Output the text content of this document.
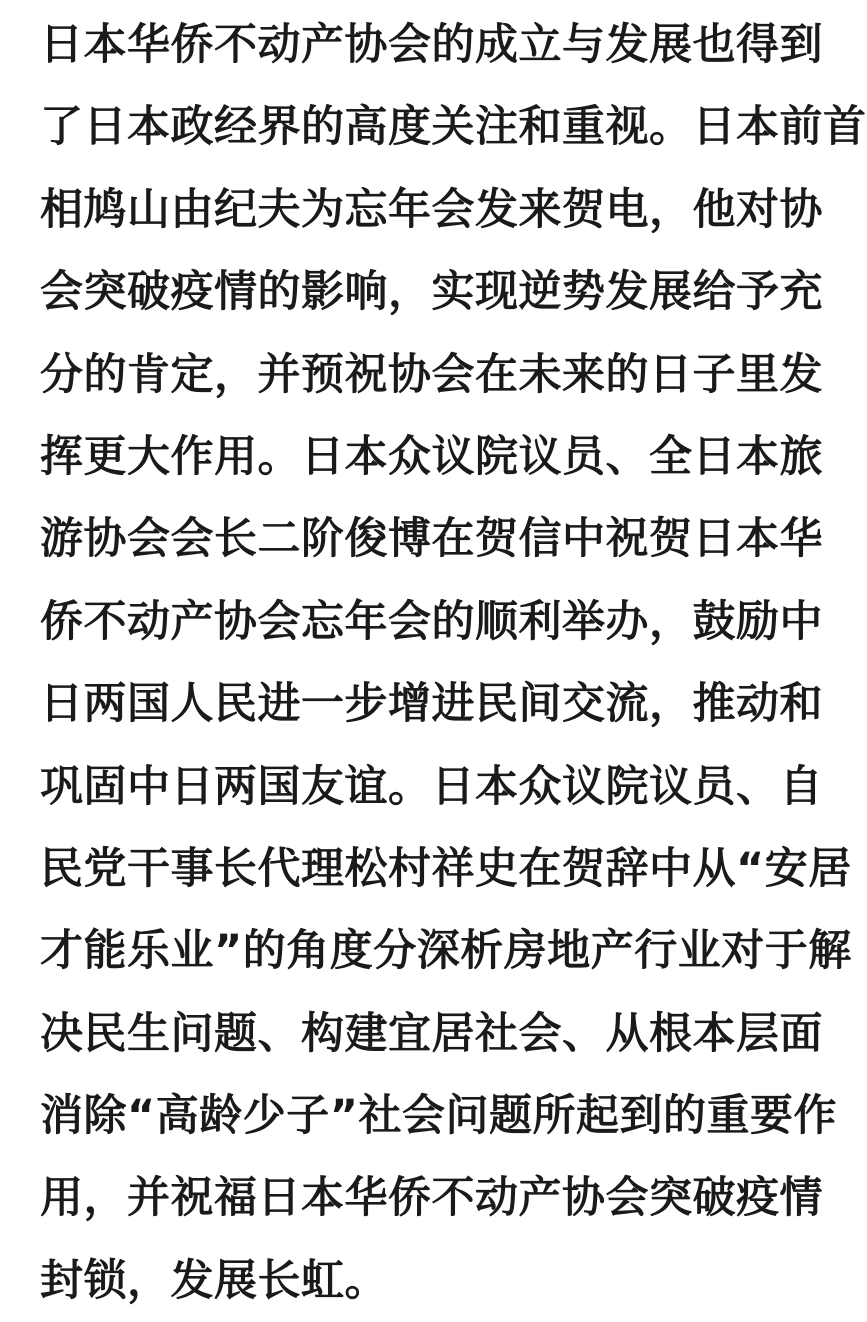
日本华侨不动产协会的成立与发展也得到
了日本政经界的高度关注和重视。日本前首
相鸠山由纪夫为忘年会发来贺电，他对协
会突破疫情的影响，实现逆势发展给予充
分的肯定，并预祝协会在未来的日子里发
挥更大作用。日本众议院议员、全日本旅
游协会会长二阶俊博在贺信中祝贺日本华
侨不动产协会忘年会的顺利举办，鼓励中
日两国人民进一步增进民间交流，推动和
巩固中日两国友谊。日本众议院议员、自
民党干事长代理松村祥史在贺辞中从“安居
才能乐业”的角度分深析房地产行业对于解
决民生问题、构建宜居社会、从根本层面
消除“高龄少子”社会问题所起到的重要作
用，并祝福日本华侨不动产协会突破疫情
封锁，发展长虹。
